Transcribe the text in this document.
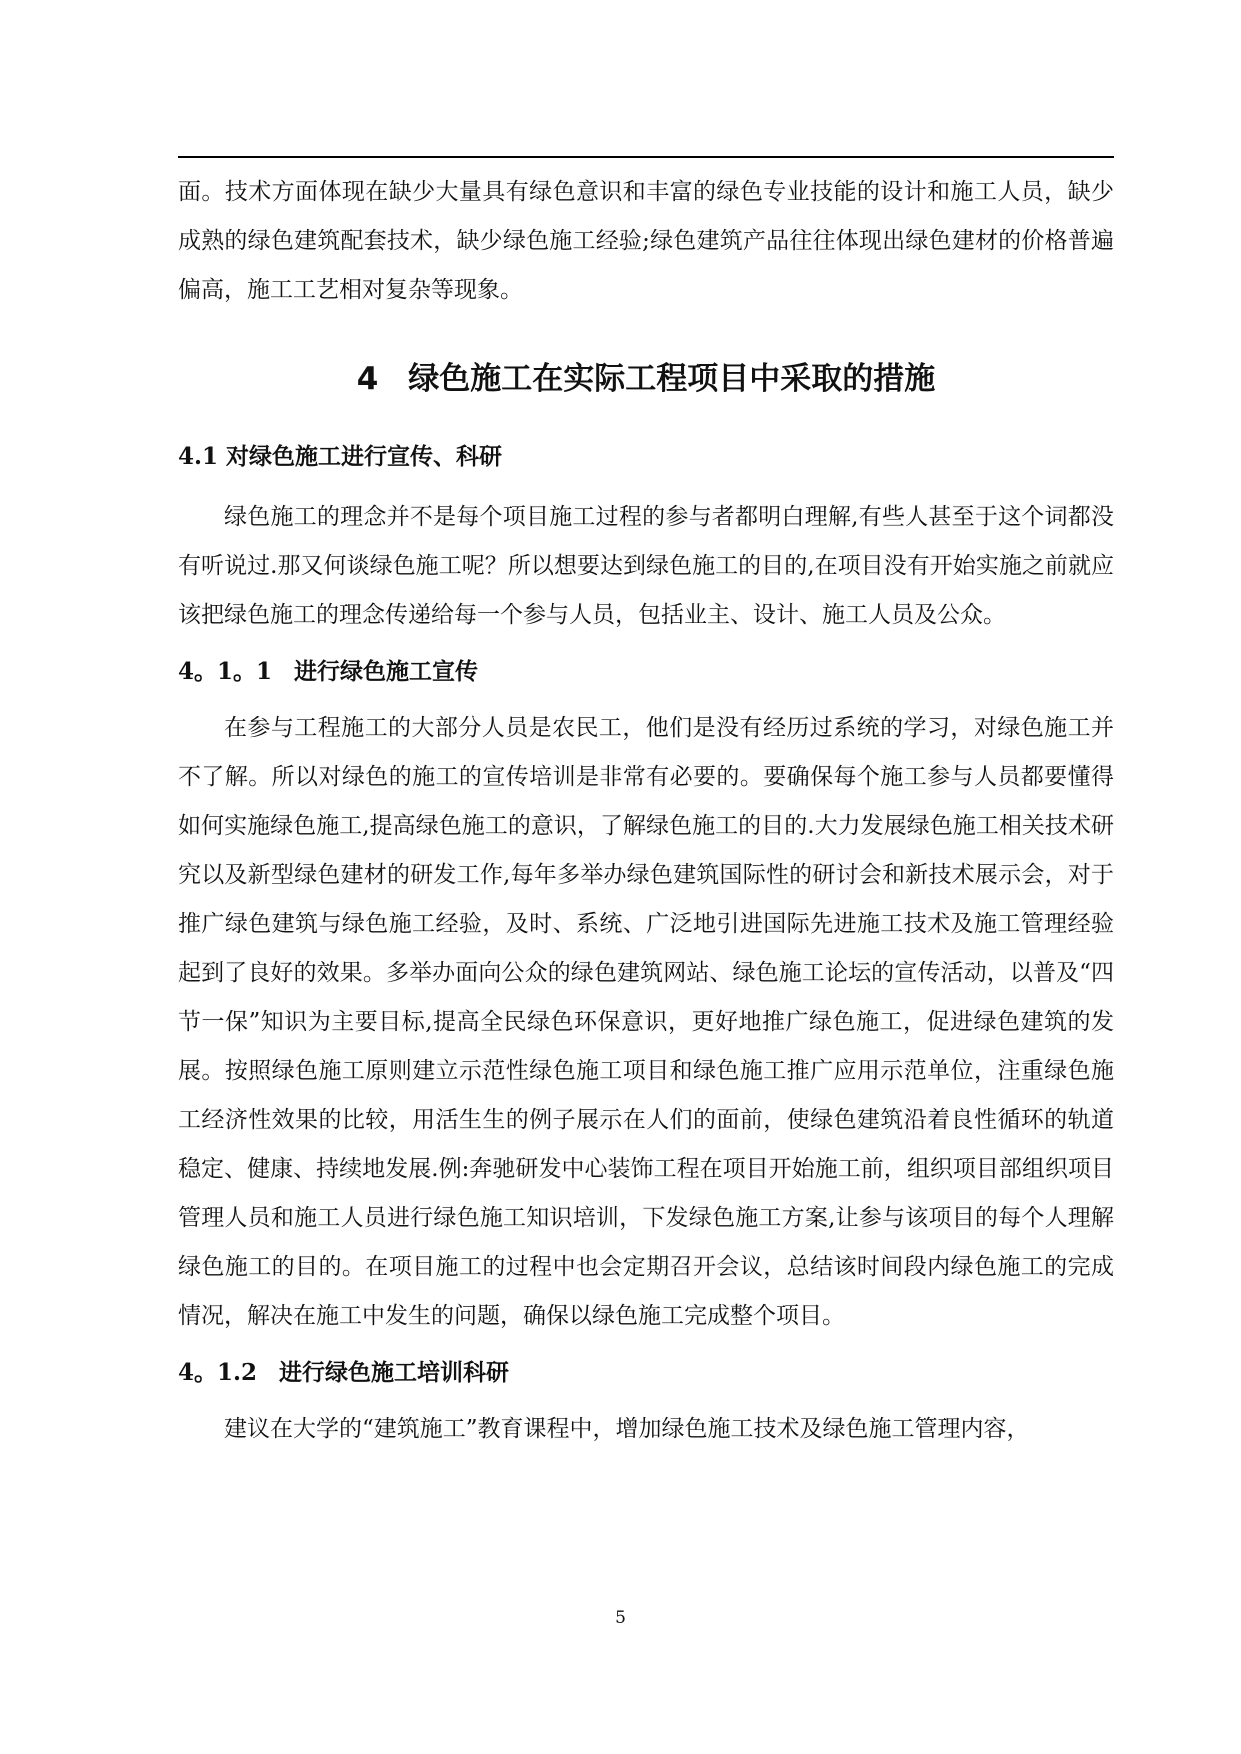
面。技术方面体现在缺少大量具有绿色意识和丰富的绿色专业技能的设计和施工人员，缺少成熟的绿色建筑配套技术，缺少绿色施工经验;绿色建筑产品往往体现出绿色建材的价格普遍偏高，施工工艺相对复杂等现象。

4 绿色施工在实际工程项目中采取的措施
4.1 对绿色施工进行宣传、科研

绿色施工的理念并不是每个项目施工过程的参与者都明白理解,有些人甚至于这个词都没有听说过.那又何谈绿色施工呢？所以想要达到绿色施工的目的,在项目没有开始实施之前就应该把绿色施工的理念传递给每一个参与人员，包括业主、设计、施工人员及公众。

4。1。1 进行绿色施工宣传

在参与工程施工的大部分人员是农民工，他们是没有经历过系统的学习，对绿色施工并不了解。所以对绿色的施工的宣传培训是非常有必要的。要确保每个施工参与人员都要懂得如何实施绿色施工,提高绿色施工的意识，了解绿色施工的目的.大力发展绿色施工相关技术研究以及新型绿色建材的研发工作,每年多举办绿色建筑国际性的研讨会和新技术展示会，对于推广绿色建筑与绿色施工经验，及时、系统、广泛地引进国际先进施工技术及施工管理经验起到了良好的效果。多举办面向公众的绿色建筑网站、绿色施工论坛的宣传活动，以普及“四节一保”知识为主要目标,提高全民绿色环保意识，更好地推广绿色施工，促进绿色建筑的发展。按照绿色施工原则建立示范性绿色施工项目和绿色施工推广应用示范单位，注重绿色施工经济性效果的比较，用活生生的例子展示在人们的面前，使绿色建筑沿着良性循环的轨道稳定、健康、持续地发展.例:奔驰研发中心装饰工程在项目开始施工前，组织项目部组织项目管理人员和施工人员进行绿色施工知识培训，下发绿色施工方案,让参与该项目的每个人理解绿色施工的目的。在项目施工的过程中也会定期召开会议，总结该时间段内绿色施工的完成情况，解决在施工中发生的问题，确保以绿色施工完成整个项目。

4。1.2 进行绿色施工培训科研

建议在大学的“建筑施工”教育课程中，增加绿色施工技术及绿色施工管理内容，

5
